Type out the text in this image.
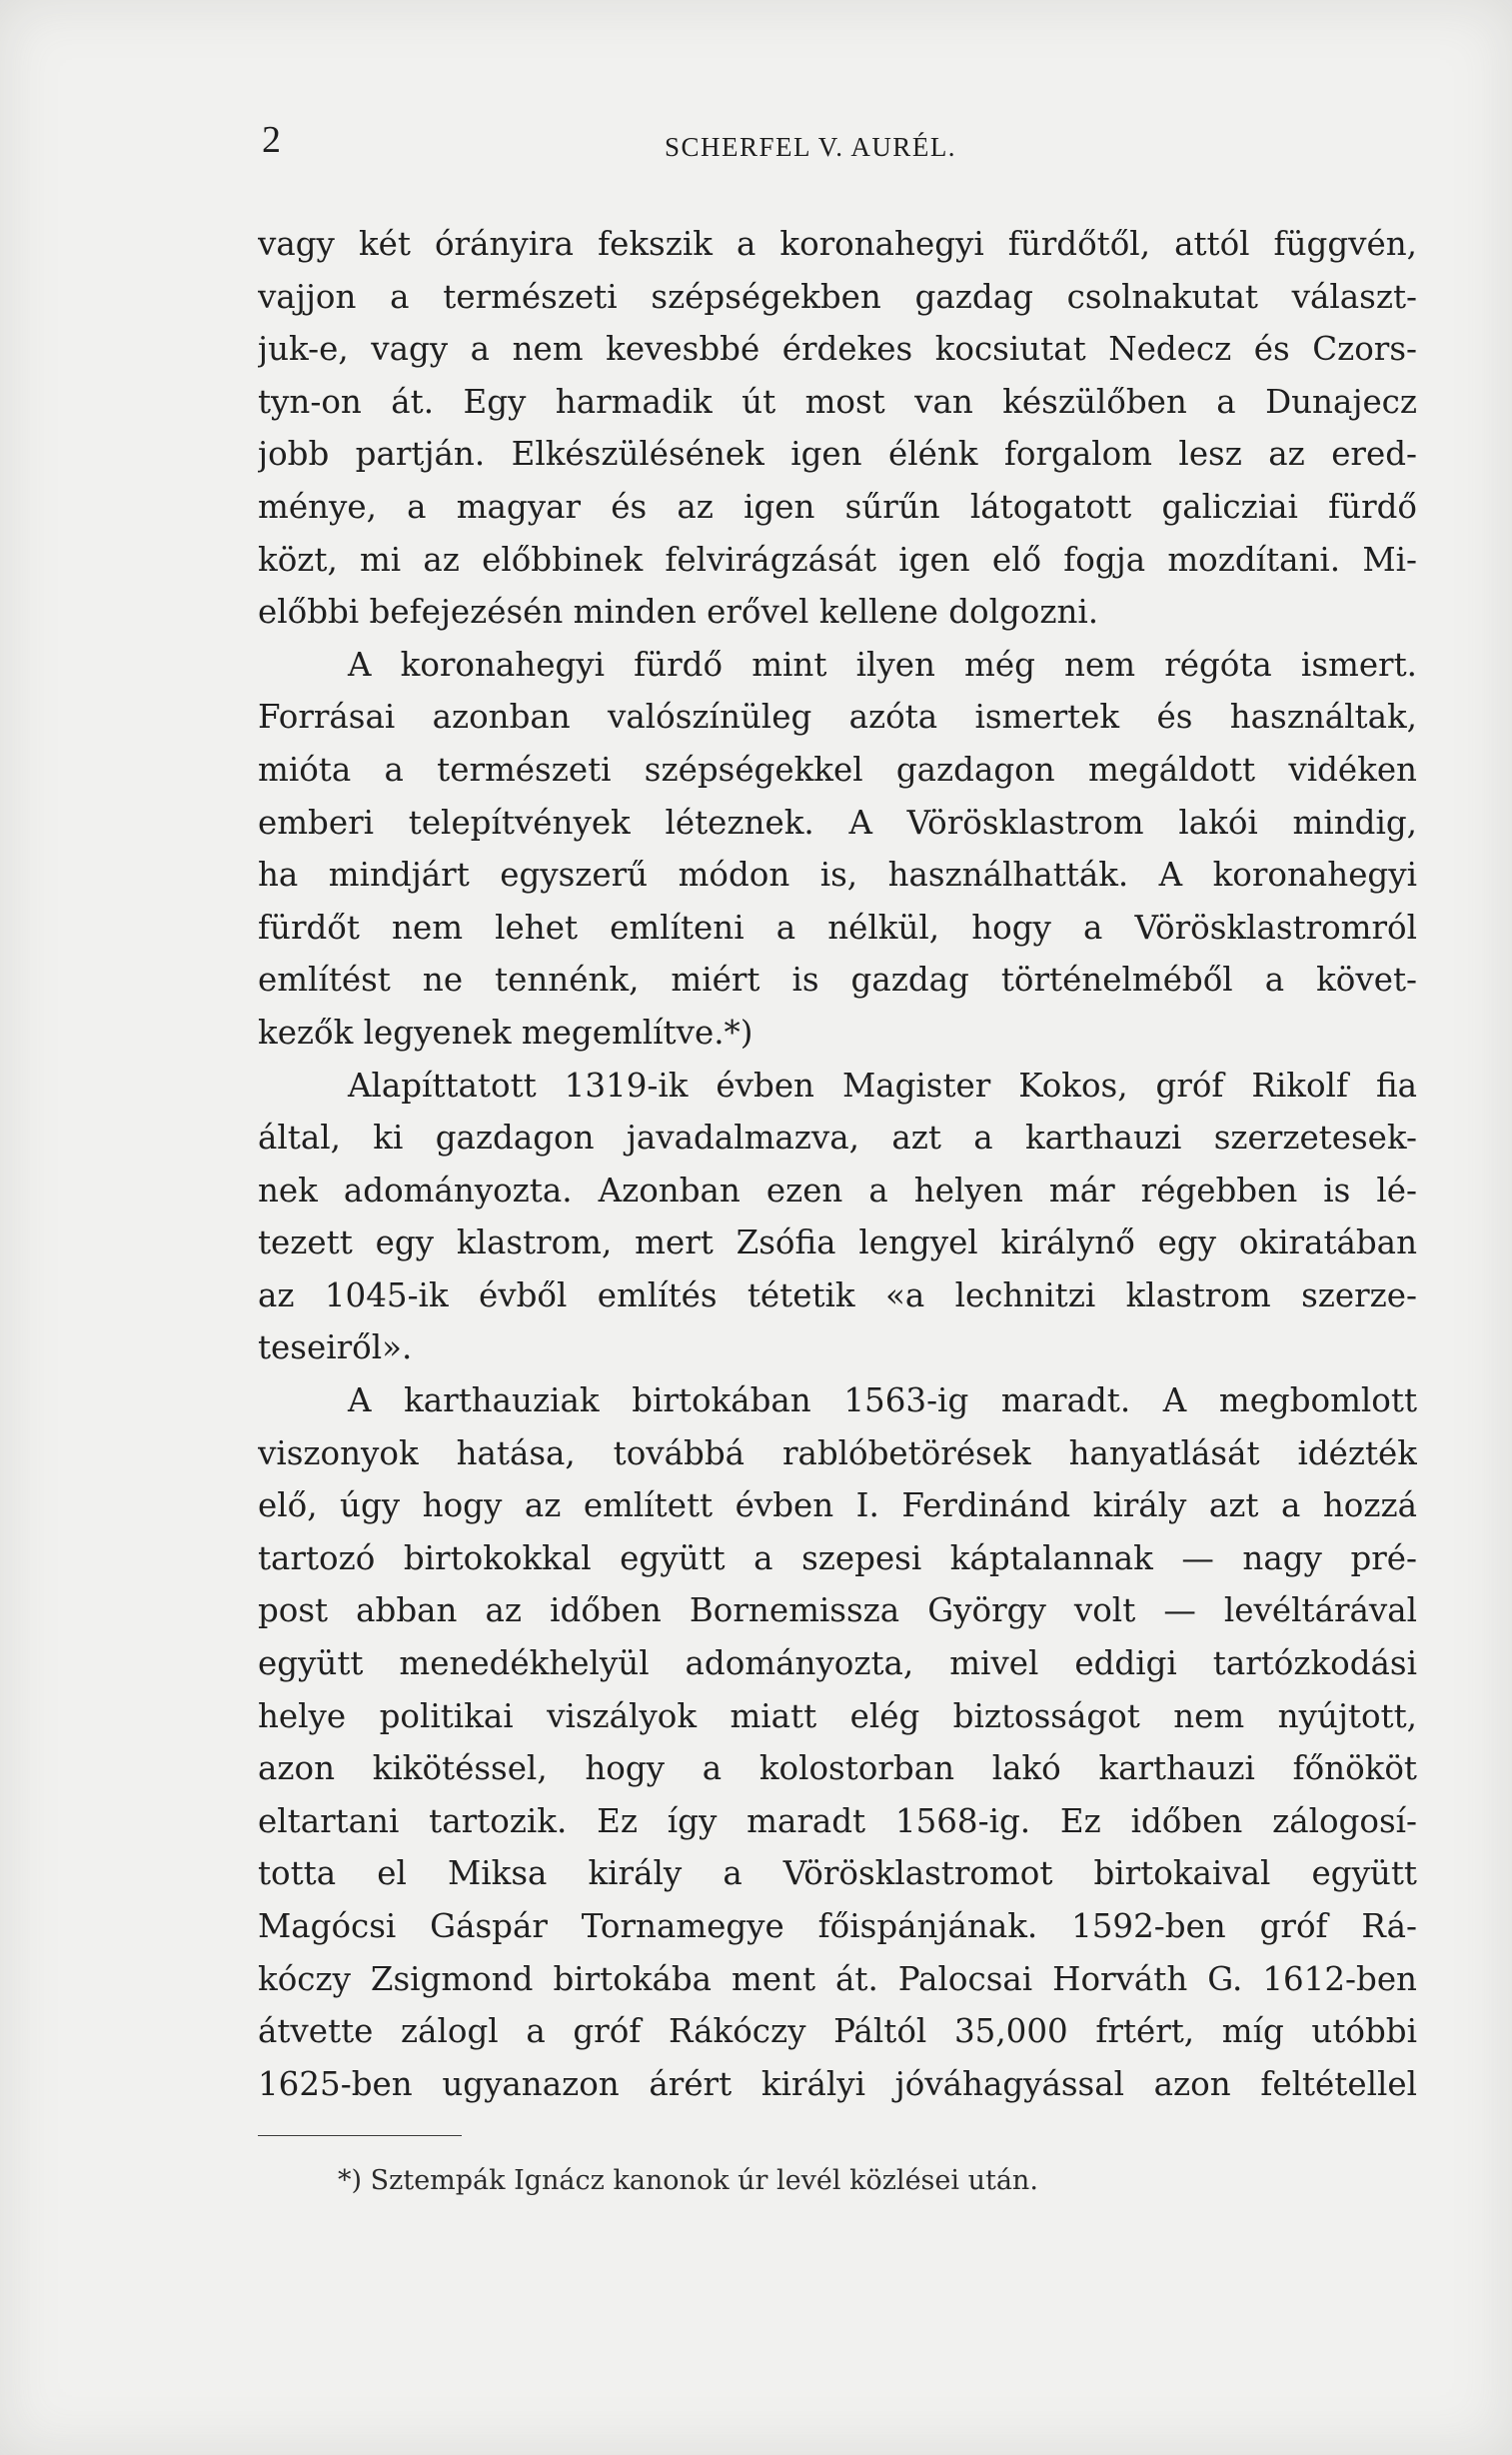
2	SCHERFEL V. AURÉL.

vagy két órányira fekszik a koronahegyi fürdőtől, attól függvén,
vajjon a természeti szépségekben gazdag csolnakutat választ-
juk-e, vagy a nem kevesbbé érdekes kocsiutat Nedecz és Czors-
tyn-on át. Egy harmadik út most van készülőben a Dunajecz
jobb partján. Elkészülésének igen élénk forgalom lesz az ered-
ménye, a magyar és az igen sűrűn látogatott galicziai fürdő
közt, mi az előbbinek felvirágzását igen elő fogja mozdítani. Mi-
előbbi befejezésén minden erővel kellene dolgozni.

A koronahegyi fürdő mint ilyen még nem régóta ismert.
Forrásai azonban valószínüleg azóta ismertek és használtak,
mióta a természeti szépségekkel gazdagon megáldott vidéken
emberi telepítvények léteznek. A Vörösklastrom lakói mindig,
ha mindjárt egyszerű módon is, használhatták. A koronahegyi
fürdőt nem lehet említeni a nélkül, hogy a Vörösklastromról
említést ne tennénk, miért is gazdag történelméből a követ-
kezők legyenek megemlítve.*)

Alapíttatott 1319-ik évben Magister Kokos, gróf Rikolf fia
által, ki gazdagon javadalmazva, azt a karthauzi szerzetesek-
nek adományozta. Azonban ezen a helyen már régebben is lé-
tezett egy klastrom, mert Zsófia lengyel királynő egy okiratában
az 1045-ik évből említés tétetik «a lechnitzi klastrom szerze-
teseiről».

A karthauziak birtokában 1563-ig maradt. A megbomlott
viszonyok hatása, továbbá rablóbetörések hanyatlását idézték
elő, úgy hogy az említett évben I. Ferdinánd király azt a hozzá
tartozó birtokokkal együtt a szepesi káptalannak — nagy pré-
post abban az időben Bornemissza György volt — levéltárával
együtt menedékhelyül adományozta, mivel eddigi tartózkodási
helye politikai viszályok miatt elég biztosságot nem nyújtott,
azon kikötéssel, hogy a kolostorban lakó karthauzi főnököt
eltartani tartozik. Ez így maradt 1568-ig. Ez időben zálogosí-
totta el Miksa király a Vörösklastromot birtokaival együtt
Magócsi Gáspár Tornamegye főispánjának. 1592-ben gróf Rá-
kóczy Zsigmond birtokába ment át. Palocsai Horváth G. 1612-ben
átvette zálogl a gróf Rákóczy Páltól 35,000 frtért, míg utóbbi
1625-ben ugyanazon árért királyi jóváhagyással azon feltétellel

*) Sztempák Ignácz kanonok úr levél közlései után.
